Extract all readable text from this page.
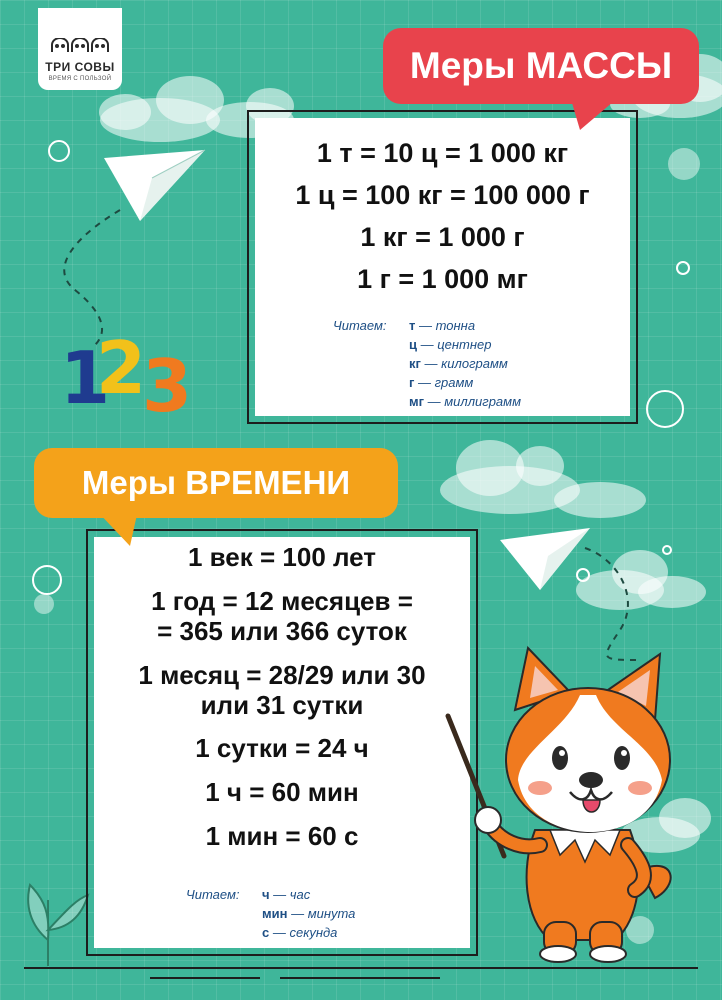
ТРИ СОВЫ
ВРЕМЯ С ПОЛЬЗОЙ
1
2
3
1 т = 10 ц = 1 000 кг
1 ц = 100 кг = 100 000 г
1 кг = 1 000 г
1 г = 1 000 мг
Читаем:	т — тонна
ц — центнер
кг — килограмм
г — грамм
мг — миллиграмм
Меры МАССЫ
1 век = 100 лет
1 год = 12 месяцев =
= 365 или 366 суток
1 месяц = 28/29 или 30
или 31 сутки
1 сутки = 24 ч
1 ч = 60 мин
1 мин = 60 с
Читаем:	ч — час
мин — минута
с — секунда
Меры ВРЕМЕНИ
